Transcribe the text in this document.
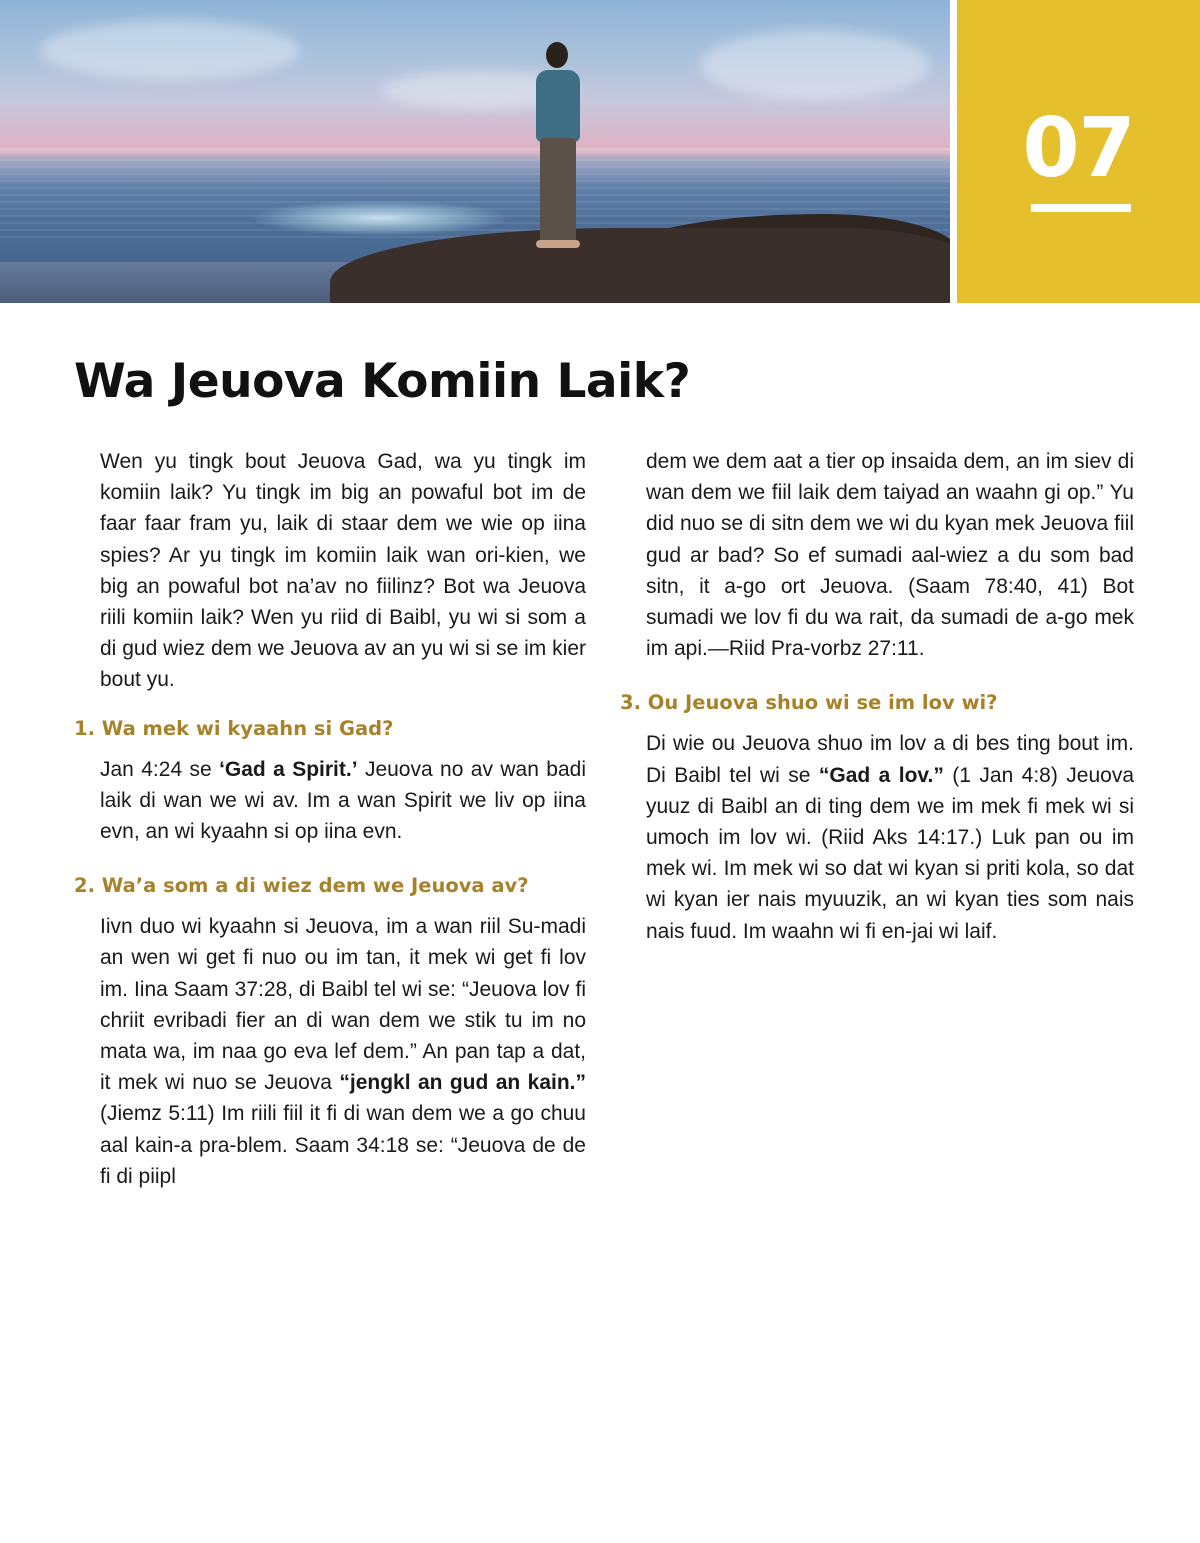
07
Wa Jeuova Komiin Laik?

Wen yu tingk bout Jeuova Gad, wa yu tingk im komiin laik? Yu tingk im big an powaful bot im de faar faar fram yu, laik di staar dem we wie op iina spies? Ar yu tingk im komiin laik wan ori-kien, we big an powaful bot na’av no fiilinz? Bot wa Jeuova riili komiin laik? Wen yu riid di Baibl, yu wi si som a di gud wiez dem we Jeuova av an yu wi si se im kier bout yu.

1. Wa mek wi kyaahn si Gad?

Jan 4:24 se ‘Gad a Spirit.’ Jeuova no av wan badi laik di wan we wi av. Im a wan Spirit we liv op iina evn, an wi kyaahn si op iina evn.

2. Wa’a som a di wiez dem we Jeuova av?

Iivn duo wi kyaahn si Jeuova, im a wan riil Su-madi an wen wi get fi nuo ou im tan, it mek wi get fi lov im. Iina Saam 37:28, di Baibl tel wi se: “Jeuova lov fi chriit evribadi fier an di wan dem we stik tu im no mata wa, im naa go eva lef dem.” An pan tap a dat, it mek wi nuo se Jeuova “jengkl an gud an kain.” (Jiemz 5:11) Im riili fiil it fi di wan dem we a go chuu aal kain-a pra-blem. Saam 34:18 se: “Jeuova de de fi di piipl

dem we dem aat a tier op insaida dem, an im siev di wan dem we fiil laik dem taiyad an waahn gi op.” Yu did nuo se di sitn dem we wi du kyan mek Jeuova fiil gud ar bad? So ef sumadi aal-wiez a du som bad sitn, it a-go ort Jeuova. (Saam 78:40, 41) Bot sumadi we lov fi du wa rait, da sumadi de a-go mek im api.—Riid Pra-vorbz 27:11.

3. Ou Jeuova shuo wi se im lov wi?

Di wie ou Jeuova shuo im lov a di bes ting bout im. Di Baibl tel wi se “Gad a lov.” (1 Jan 4:8) Jeuova yuuz di Baibl an di ting dem we im mek fi mek wi si umoch im lov wi. (Riid Aks 14:17.) Luk pan ou im mek wi. Im mek wi so dat wi kyan si priti kola, so dat wi kyan ier nais myuuzik, an wi kyan ties som nais nais fuud. Im waahn wi fi en-jai wi laif.
